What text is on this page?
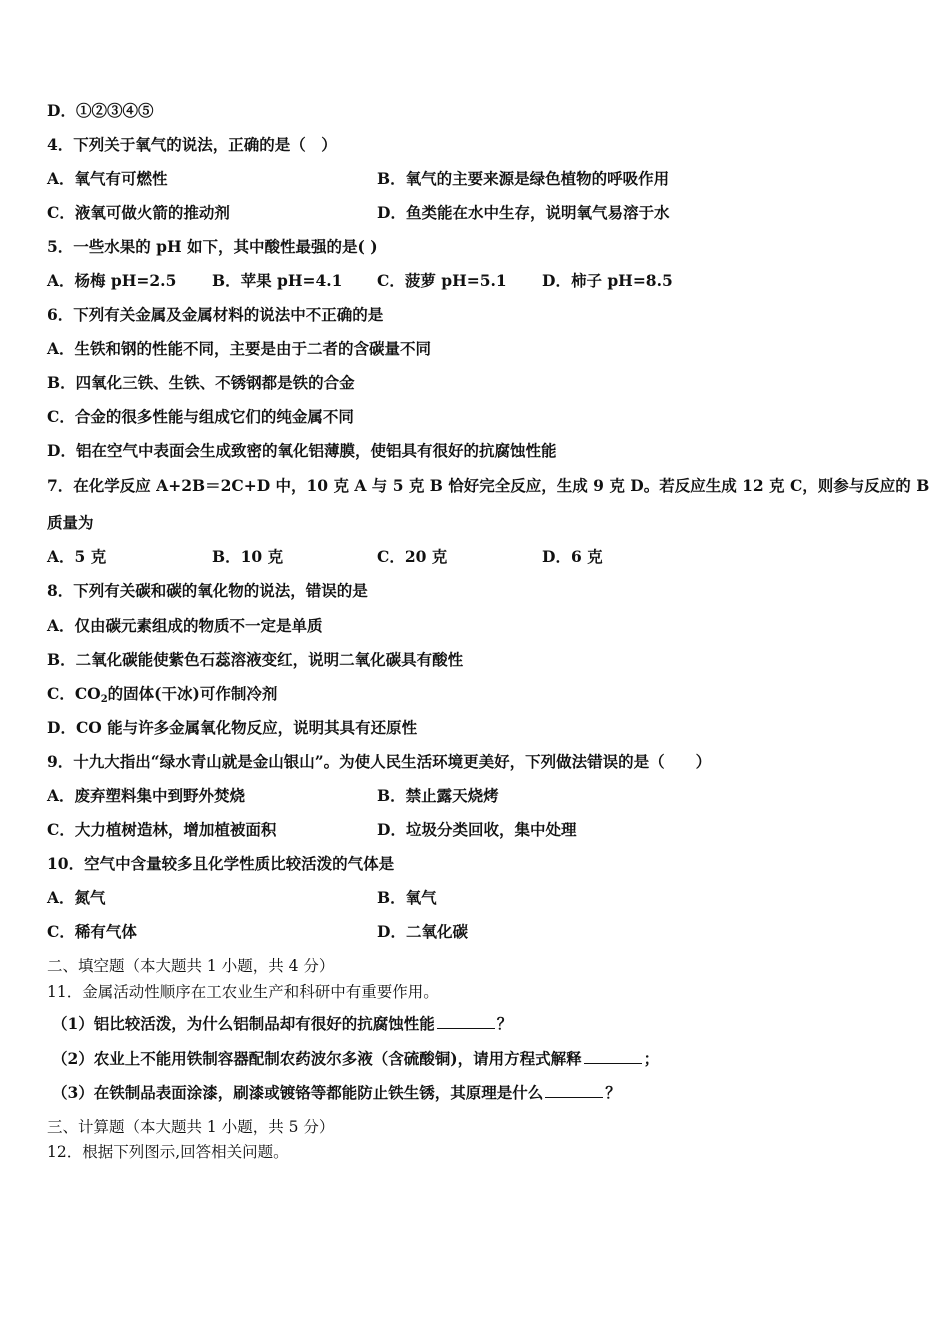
D．①②③④⑤
4．下列关于氧气的说法，正确的是（　）
A．氧气有可燃性	B．氧气的主要来源是绿色植物的呼吸作用
C．液氧可做火箭的推动剂	D．鱼类能在水中生存，说明氧气易溶于水
5．一些水果的 pH 如下，其中酸性最强的是( )
A．杨梅 pH=2.5 B．苹果 pH=4.1 C．菠萝 pH=5.1 D．柿子 pH=8.5
6．下列有关金属及金属材料的说法中不正确的是
A．生铁和钢的性能不同，主要是由于二者的含碳量不同
B．四氧化三铁、生铁、不锈钢都是铁的合金
C．合金的很多性能与组成它们的纯金属不同
D．铝在空气中表面会生成致密的氧化铝薄膜，使铝具有很好的抗腐蚀性能
7．在化学反应 A+2B＝2C+D 中，10 克 A 与 5 克 B 恰好完全反应，生成 9 克 D。若反应生成 12 克 C，则参与反应的 B
质量为
A．5 克	B．10 克	C．20 克	D．6 克
8．下列有关碳和碳的氧化物的说法，错误的是
A．仅由碳元素组成的物质不一定是单质
B．二氧化碳能使紫色石蕊溶液变红，说明二氧化碳具有酸性
C．$CO_2$的固体(干冰)可作制冷剂
D．CO 能与许多金属氧化物反应，说明其具有还原性
9．十九大指出“绿水青山就是金山银山”。为使人民生活环境更美好，下列做法错误的是（　　）
A．废弃塑料集中到野外焚烧	B．禁止露天烧烤
C．大力植树造林，增加植被面积	D．垃圾分类回收，集中处理
10．空气中含量较多且化学性质比较活泼的气体是
A．氮气	B．氧气
C．稀有气体	D．二氧化碳
二、填空题（本大题共 1 小题，共 4 分）
11．金属活动性顺序在工农业生产和科研中有重要作用。
（1）铝比较活泼，为什么铝制品却有很好的抗腐蚀性能	？
（2）农业上不能用铁制容器配制农药波尔多液（含硫酸铜)，请用方程式解释	；
（3）在铁制品表面涂漆，刷漆或镀铬等都能防止铁生锈，其原理是什么	？
三、计算题（本大题共 1 小题，共 5 分）
12．根据下列图示,回答相关问题。
